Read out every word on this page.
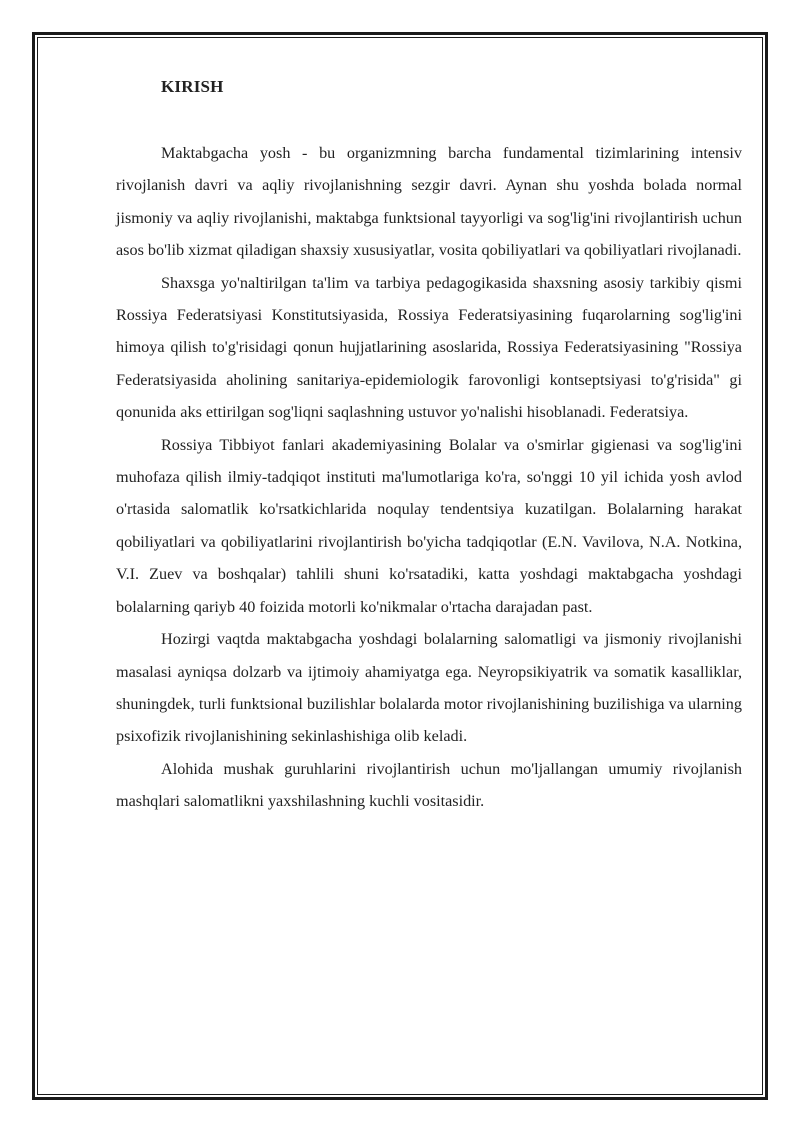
KIRISH

Maktabgacha yosh - bu organizmning barcha fundamental tizimlarining intensiv rivojlanish davri va aqliy rivojlanishning sezgir davri. Aynan shu yoshda bolada normal jismoniy va aqliy rivojlanishi, maktabga funktsional tayyorligi va sog'lig'ini rivojlantirish uchun asos bo'lib xizmat qiladigan shaxsiy xususiyatlar, vosita qobiliyatlari va qobiliyatlari rivojlanadi.

Shaxsga yo'naltirilgan ta'lim va tarbiya pedagogikasida shaxsning asosiy tarkibiy qismi Rossiya Federatsiyasi Konstitutsiyasida, Rossiya Federatsiyasining fuqarolarning sog'lig'ini himoya qilish to'g'risidagi qonun hujjatlarining asoslarida, Rossiya Federatsiyasining "Rossiya Federatsiyasida aholining sanitariya-epidemiologik farovonligi kontseptsiyasi to'g'risida" gi qonunida aks ettirilgan sog'liqni saqlashning ustuvor yo'nalishi hisoblanadi. Federatsiya.

Rossiya Tibbiyot fanlari akademiyasining Bolalar va o'smirlar gigienasi va sog'lig'ini muhofaza qilish ilmiy-tadqiqot instituti ma'lumotlariga ko'ra, so'nggi 10 yil ichida yosh avlod o'rtasida salomatlik ko'rsatkichlarida noqulay tendentsiya kuzatilgan. Bolalarning harakat qobiliyatlari va qobiliyatlarini rivojlantirish bo'yicha tadqiqotlar (E.N. Vavilova, N.A. Notkina, V.I. Zuev va boshqalar) tahlili shuni ko'rsatadiki, katta yoshdagi maktabgacha yoshdagi bolalarning qariyb 40 foizida motorli ko'nikmalar o'rtacha darajadan past.

Hozirgi vaqtda maktabgacha yoshdagi bolalarning salomatligi va jismoniy rivojlanishi masalasi ayniqsa dolzarb va ijtimoiy ahamiyatga ega. Neyropsikiyatrik va somatik kasalliklar, shuningdek, turli funktsional buzilishlar bolalarda motor rivojlanishining buzilishiga va ularning psixofizik rivojlanishining sekinlashishiga olib keladi.

Alohida mushak guruhlarini rivojlantirish uchun mo'ljallangan umumiy rivojlanish mashqlari salomatlikni yaxshilashning kuchli vositasidir.
